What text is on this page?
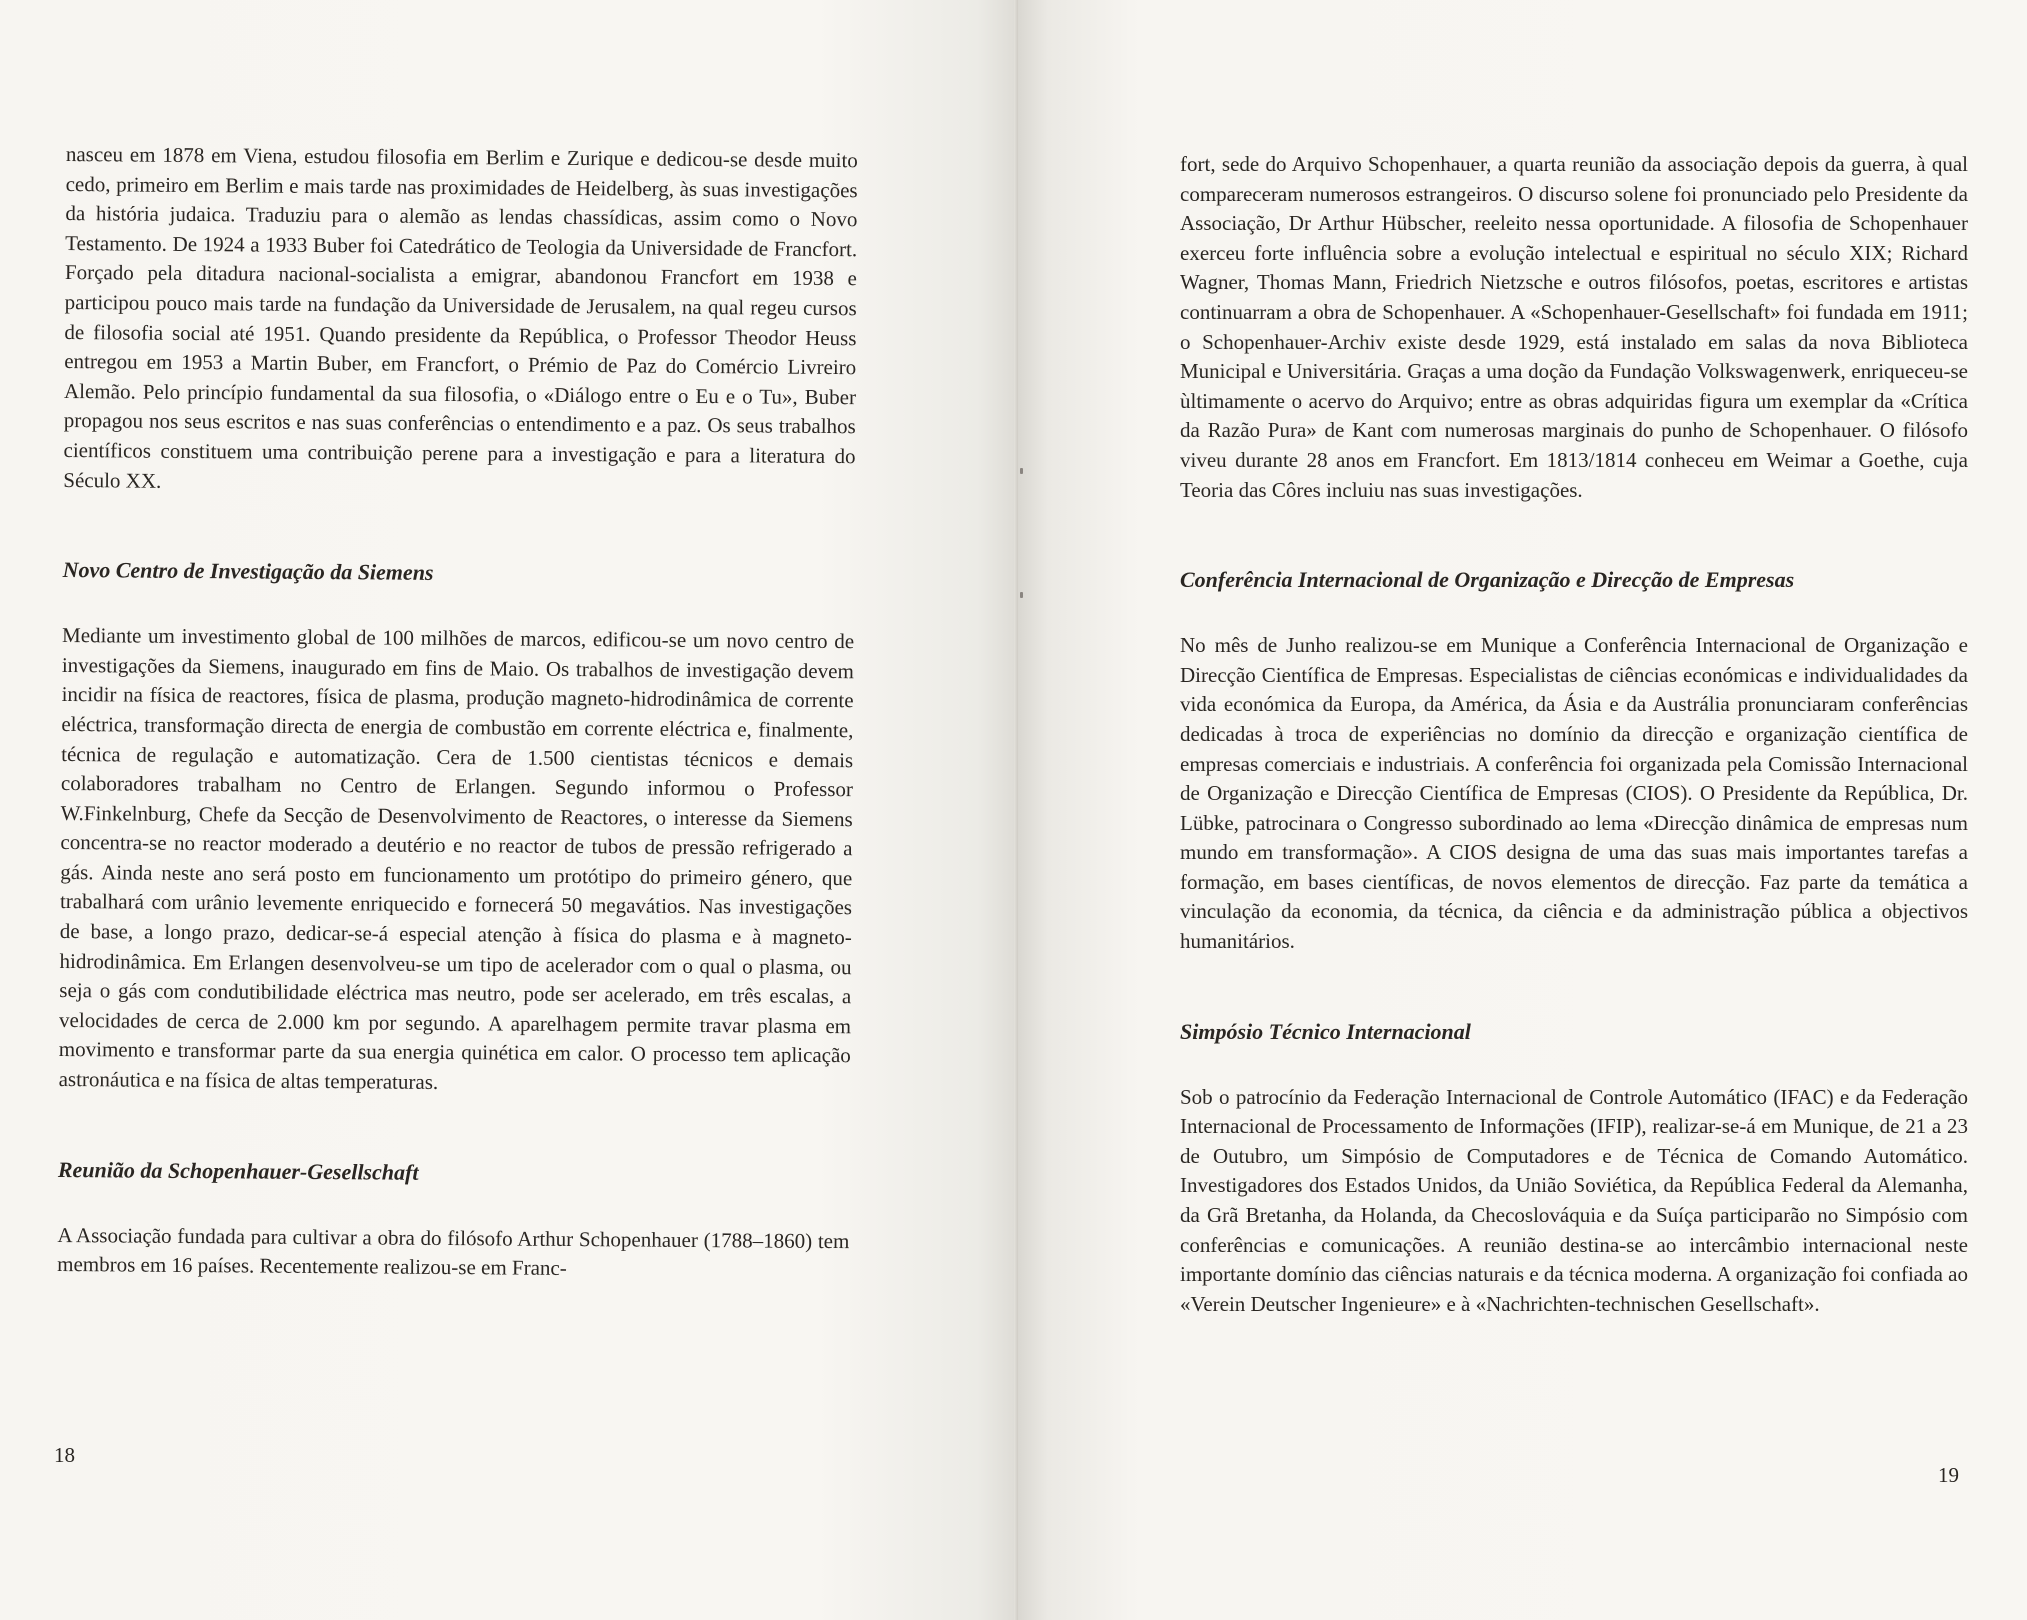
nasceu em 1878 em Viena, estudou filosofia em Berlim e Zurique e dedicou-se desde muito cedo, primeiro em Berlim e mais tarde nas proximidades de Heidelberg, às suas investigações da história judaica. Traduziu para o alemão as lendas chassídicas, assim como o Novo Testamento. De 1924 a 1933 Buber foi Catedrático de Teologia da Universidade de Francfort. Forçado pela ditadura nacional-socialista a emigrar, abandonou Francfort em 1938 e participou pouco mais tarde na fundação da Universidade de Jerusalem, na qual regeu cursos de filosofia social até 1951. Quando presidente da República, o Professor Theodor Heuss entregou em 1953 a Martin Buber, em Francfort, o Prémio de Paz do Comércio Livreiro Alemão. Pelo princípio fundamental da sua filosofia, o «Diálogo entre o Eu e o Tu», Buber propagou nos seus escritos e nas suas conferências o entendimento e a paz. Os seus trabalhos científicos constituem uma contribuição perene para a investigação e para a literatura do Século XX.

Novo Centro de Investigação da Siemens

Mediante um investimento global de 100 milhões de marcos, edificou-se um novo centro de investigações da Siemens, inaugurado em fins de Maio. Os trabalhos de investigação devem incidir na física de reactores, física de plasma, produção magneto-hidrodinâmica de corrente eléctrica, transformação directa de energia de combustão em corrente eléctrica e, finalmente, técnica de regulação e automatização. Cera de 1.500 cientistas técnicos e demais colaboradores trabalham no Centro de Erlangen. Segundo informou o Professor W.Finkelnburg, Chefe da Secção de Desenvolvimento de Reactores, o interesse da Siemens concentra-se no reactor moderado a deutério e no reactor de tubos de pressão refrigerado a gás. Ainda neste ano será posto em funcionamento um protótipo do primeiro género, que trabalhará com urânio levemente enriquecido e fornecerá 50 megavátios. Nas investigações de base, a longo prazo, dedicar-se-á especial atenção à física do plasma e à magneto-hidrodinâmica. Em Erlangen desenvolveu-se um tipo de acelerador com o qual o plasma, ou seja o gás com condutibilidade eléctrica mas neutro, pode ser acelerado, em três escalas, a velocidades de cerca de 2.000 km por segundo. A aparelhagem permite travar plasma em movimento e transformar parte da sua energia quinética em calor. O processo tem aplicação astronáutica e na física de altas temperaturas.

Reunião da Schopenhauer-Gesellschaft

A Associação fundada para cultivar a obra do filósofo Arthur Schopenhauer (1788–1860) tem membros em 16 países. Recentemente realizou-se em Franc-

18

fort, sede do Arquivo Schopenhauer, a quarta reunião da associação depois da guerra, à qual compareceram numerosos estrangeiros. O discurso solene foi pronunciado pelo Presidente da Associação, Dr Arthur Hübscher, reeleito nessa oportunidade. A filosofia de Schopenhauer exerceu forte influência sobre a evolução intelectual e espiritual no século XIX; Richard Wagner, Thomas Mann, Friedrich Nietzsche e outros filósofos, poetas, escritores e artistas continuarram a obra de Schopenhauer. A «Schopenhauer-Gesellschaft» foi fundada em 1911; o Schopenhauer-Archiv existe desde 1929, está instalado em salas da nova Biblioteca Municipal e Universitária. Graças a uma doção da Fundação Volkswagenwerk, enriqueceu-se ùltimamente o acervo do Arquivo; entre as obras adquiridas figura um exemplar da «Crítica da Razão Pura» de Kant com numerosas marginais do punho de Schopenhauer. O filósofo viveu durante 28 anos em Francfort. Em 1813/1814 conheceu em Weimar a Goethe, cuja Teoria das Côres incluiu nas suas investigações.

Conferência Internacional de Organização e Direcção de Empresas

No mês de Junho realizou-se em Munique a Conferência Internacional de Organização e Direcção Científica de Empresas. Especialistas de ciências económicas e individualidades da vida económica da Europa, da América, da Ásia e da Austrália pronunciaram conferências dedicadas à troca de experiências no domínio da direcção e organização científica de empresas comerciais e industriais. A conferência foi organizada pela Comissão Internacional de Organização e Direcção Científica de Empresas (CIOS). O Presidente da República, Dr. Lübke, patrocinara o Congresso subordinado ao lema «Direcção dinâmica de empresas num mundo em transformação». A CIOS designa de uma das suas mais importantes tarefas a formação, em bases científicas, de novos elementos de direcção. Faz parte da temática a vinculação da economia, da técnica, da ciência e da administração pública a objectivos humanitários.

Simpósio Técnico Internacional

Sob o patrocínio da Federação Internacional de Controle Automático (IFAC) e da Federação Internacional de Processamento de Informações (IFIP), realizar-se-á em Munique, de 21 a 23 de Outubro, um Simpósio de Computadores e de Técnica de Comando Automático. Investigadores dos Estados Unidos, da União Soviética, da República Federal da Alemanha, da Grã Bretanha, da Holanda, da Checoslováquia e da Suíça participarão no Simpósio com conferências e comunicações. A reunião destina-se ao intercâmbio internacional neste importante domínio das ciências naturais e da técnica moderna. A organização foi confiada ao «Verein Deutscher Ingenieure» e à «Nachrichten-technischen Gesellschaft».

19
